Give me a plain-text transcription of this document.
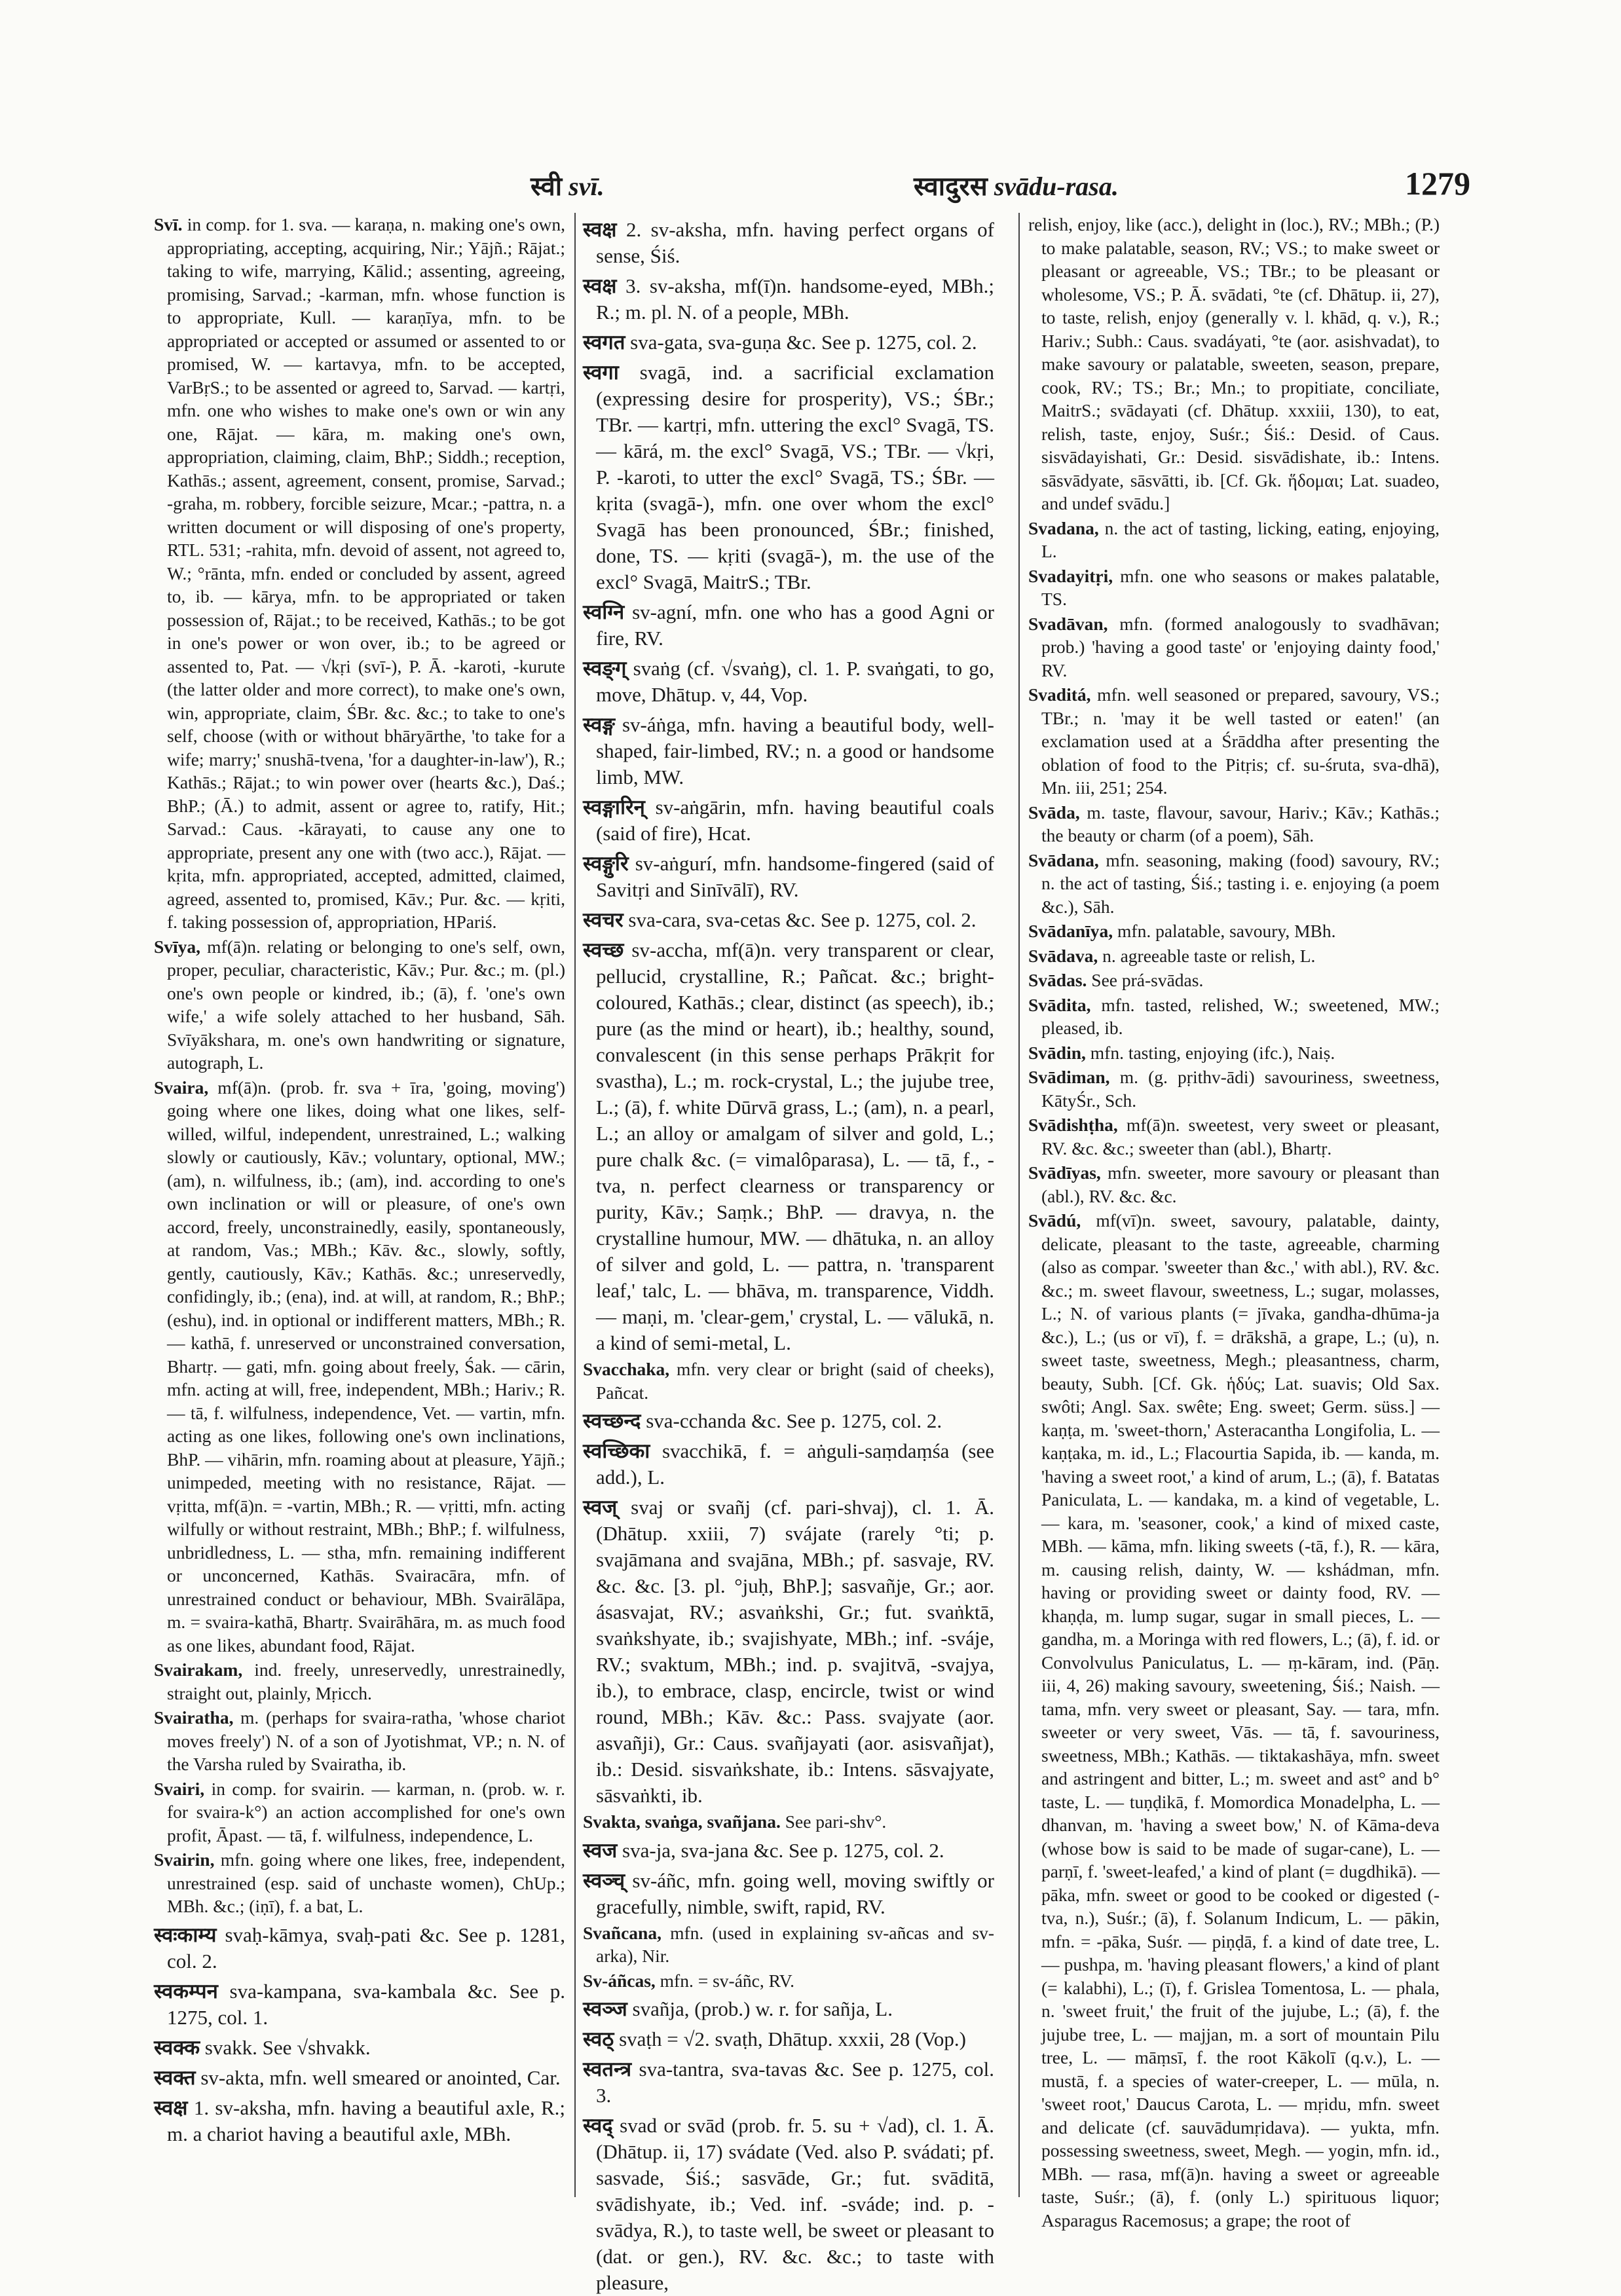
स्वी svī.	स्वादुरस svādu-rasa.	1279

Svī. in comp. for 1. sva. — karaṇa, n. making one's own, appropriating, accepting, acquiring, Nir.; Yājñ.; Rājat.; taking to wife, marrying, Kālid.; assenting, agreeing, promising, Sarvad.; -karman, mfn. whose function is to appropriate, Kull. — karaṇīya, mfn. to be appropriated or accepted or assumed or assented to or promised, W. — kartavya, mfn. to be accepted, VarBṛS.; to be assented or agreed to, Sarvad. — kartṛi, mfn. one who wishes to make one's own or win any one, Rājat. — kāra, m. making one's own, appropriation, claiming, claim, BhP.; Siddh.; reception, Kathās.; assent, agreement, consent, promise, Sarvad.; -graha, m. robbery, forcible seizure, Mcar.; -pattra, n. a written document or will disposing of one's property, RTL. 531; -rahita, mfn. devoid of assent, not agreed to, W.; °rānta, mfn. ended or concluded by assent, agreed to, ib. — kārya, mfn. to be appropriated or taken possession of, Rājat.; to be received, Kathās.; to be got in one's power or won over, ib.; to be agreed or assented to, Pat. — √kṛi (svī-), P. Ā. -karoti, -kurute (the latter older and more correct), to make one's own, win, appropriate, claim, ŚBr. &c. &c.; to take to one's self, choose (with or without bhāryārthe, 'to take for a wife; marry;' snushā-tvena, 'for a daughter-in-law'), R.; Kathās.; Rājat.; to win power over (hearts &c.), Daś.; BhP.; (Ā.) to admit, assent or agree to, ratify, Hit.; Sarvad.: Caus. -kārayati, to cause any one to appropriate, present any one with (two acc.), Rājat. — kṛita, mfn. appropriated, accepted, admitted, claimed, agreed, assented to, promised, Kāv.; Pur. &c. — kṛiti, f. taking possession of, appropriation, HPariś.

Svīya, mf(ā)n. relating or belonging to one's self, own, proper, peculiar, characteristic, Kāv.; Pur. &c.; m. (pl.) one's own people or kindred, ib.; (ā), f. 'one's own wife,' a wife solely attached to her husband, Sāh. Svīyākshara, m. one's own handwriting or signature, autograph, L.

Svaira, mf(ā)n. (prob. fr. sva + īra, 'going, moving') going where one likes, doing what one likes, self-willed, wilful, independent, unrestrained, L.; walking slowly or cautiously, Kāv.; voluntary, optional, MW.; (am), n. wilfulness, ib.; (am), ind. according to one's own inclination or will or pleasure, of one's own accord, freely, unconstrainedly, easily, spontaneously, at random, Vas.; MBh.; Kāv. &c., slowly, softly, gently, cautiously, Kāv.; Kathās. &c.; unreservedly, confidingly, ib.; (ena), ind. at will, at random, R.; BhP.; (eshu), ind. in optional or indifferent matters, MBh.; R. — kathā, f. unreserved or unconstrained conversation, Bhartṛ. — gati, mfn. going about freely, Śak. — cārin, mfn. acting at will, free, independent, MBh.; Hariv.; R. — tā, f. wilfulness, independence, Vet. — vartin, mfn. acting as one likes, following one's own inclinations, BhP. — vihārin, mfn. roaming about at pleasure, Yājñ.; unimpeded, meeting with no resistance, Rājat. — vṛitta, mf(ā)n. = -vartin, MBh.; R. — vṛitti, mfn. acting wilfully or without restraint, MBh.; BhP.; f. wilfulness, unbridledness, L. — stha, mfn. remaining indifferent or unconcerned, Kathās. Svairacāra, mfn. of unrestrained conduct or behaviour, MBh. Svairālāpa, m. = svaira-kathā, Bhartṛ. Svairāhāra, m. as much food as one likes, abundant food, Rājat.

Svairakam, ind. freely, unreservedly, unrestrainedly, straight out, plainly, Mṛicch.

Svairatha, m. (perhaps for svaira-ratha, 'whose chariot moves freely') N. of a son of Jyotishmat, VP.; n. N. of the Varsha ruled by Svairatha, ib.

Svairi, in comp. for svairin. — karman, n. (prob. w. r. for svaira-k°) an action accomplished for one's own profit, Āpast. — tā, f. wilfulness, independence, L.

Svairin, mfn. going where one likes, free, independent, unrestrained (esp. said of unchaste women), ChUp.; MBh. &c.; (iṇī), f. a bat, L.

स्वःकाम्य svaḥ-kāmya, svaḥ-pati &c. See p. 1281, col. 2.

स्वकम्पन sva-kampana, sva-kambala &c. See p. 1275, col. 1.

स्वक्क svakk. See √shvakk.

स्वक्त sv-akta, mfn. well smeared or anointed, Car.

स्वक्ष 1. sv-aksha, mfn. having a beautiful axle, R.; m. a chariot having a beautiful axle, MBh.

स्वक्ष 2. sv-aksha, mfn. having perfect organs of sense, Śiś.

स्वक्ष 3. sv-aksha, mf(ī)n. handsome-eyed, MBh.; R.; m. pl. N. of a people, MBh.

स्वगत sva-gata, sva-guṇa &c. See p. 1275, col. 2.

स्वगा svagā, ind. a sacrificial exclamation (expressing desire for prosperity), VS.; ŚBr.; TBr. — kartṛi, mfn. uttering the excl° Svagā, TS. — kārá, m. the excl° Svagā, VS.; TBr. — √kṛi, P. -karoti, to utter the excl° Svagā, TS.; ŚBr. — kṛita (svagā-), mfn. one over whom the excl° Svagā has been pronounced, ŚBr.; finished, done, TS. — kṛiti (svagā-), m. the use of the excl° Svagā, MaitrS.; TBr.

स्वग्नि sv-agní, mfn. one who has a good Agni or fire, RV.

स्वङ्ग् svaṅg (cf. √svaṅg), cl. 1. P. svaṅgati, to go, move, Dhātup. v, 44, Vop.

स्वङ्ग sv-áṅga, mfn. having a beautiful body, well-shaped, fair-limbed, RV.; n. a good or handsome limb, MW.

स्वङ्गारिन् sv-aṅgārin, mfn. having beautiful coals (said of fire), Hcat.

स्वङ्गुरि sv-aṅgurí, mfn. handsome-fingered (said of Savitṛi and Sinīvālī), RV.

स्वचर sva-cara, sva-cetas &c. See p. 1275, col. 2.

स्वच्छ sv-accha, mf(ā)n. very transparent or clear, pellucid, crystalline, R.; Pañcat. &c.; bright-coloured, Kathās.; clear, distinct (as speech), ib.; pure (as the mind or heart), ib.; healthy, sound, convalescent (in this sense perhaps Prākṛit for svastha), L.; m. rock-crystal, L.; the jujube tree, L.; (ā), f. white Dūrvā grass, L.; (am), n. a pearl, L.; an alloy or amalgam of silver and gold, L.; pure chalk &c. (= vimalôparasa), L. — tā, f., -tva, n. perfect clearness or transparency or purity, Kāv.; Saṃk.; BhP. — dravya, n. the crystalline humour, MW. — dhātuka, n. an alloy of silver and gold, L. — pattra, n. 'transparent leaf,' talc, L. — bhāva, m. transparence, Viddh. — maṇi, m. 'clear-gem,' crystal, L. — vālukā, n. a kind of semi-metal, L.

Svacchaka, mfn. very clear or bright (said of cheeks), Pañcat.

स्वच्छन्द sva-cchanda &c. See p. 1275, col. 2.

स्वच्छिका svacchikā, f. = aṅguli-saṃdaṃśa (see add.), L.

स्वज् svaj or svañj (cf. pari-shvaj), cl. 1. Ā. (Dhātup. xxiii, 7) svájate (rarely °ti; p. svajāmana and svajāna, MBh.; pf. sasvaje, RV. &c. &c. [3. pl. °juḥ, BhP.]; sasvañje, Gr.; aor. ásasvajat, RV.; asvaṅkshi, Gr.; fut. svaṅktā, svaṅkshyate, ib.; svajishyate, MBh.; inf. -sváje, RV.; svaktum, MBh.; ind. p. svajitvā, -svajya, ib.), to embrace, clasp, encircle, twist or wind round, MBh.; Kāv. &c.: Pass. svajyate (aor. asvañji), Gr.: Caus. svañjayati (aor. asisvañjat), ib.: Desid. sisvaṅkshate, ib.: Intens. sāsvajyate, sāsvaṅkti, ib.

Svakta, svaṅga, svañjana. See pari-shv°.

स्वज sva-ja, sva-jana &c. See p. 1275, col. 2.

स्वञ्च् sv-áñc, mfn. going well, moving swiftly or gracefully, nimble, swift, rapid, RV.

Svañcana, mfn. (used in explaining sv-añcas and sv-arka), Nir.

Sv-áñcas, mfn. = sv-áñc, RV.

स्वञ्ज svañja, (prob.) w. r. for sañja, L.

स्वठ् svaṭh = √2. svaṭh, Dhātup. xxxii, 28 (Vop.)

स्वतन्त्र sva-tantra, sva-tavas &c. See p. 1275, col. 3.

स्वद् svad or svād (prob. fr. 5. su + √ad), cl. 1. Ā. (Dhātup. ii, 17) svádate (Ved. also P. svádati; pf. sasvade, Śiś.; sasvāde, Gr.; fut. svāditā, svādishyate, ib.; Ved. inf. -sváde; ind. p. -svādya, R.), to taste well, be sweet or pleasant to (dat. or gen.), RV. &c. &c.; to taste with pleasure,

relish, enjoy, like (acc.), delight in (loc.), RV.; MBh.; (P.) to make palatable, season, RV.; VS.; to make sweet or pleasant or agreeable, VS.; TBr.; to be pleasant or wholesome, VS.; P. Ā. svādati, °te (cf. Dhātup. ii, 27), to taste, relish, enjoy (generally v. l. khād, q. v.), R.; Hariv.; Subh.: Caus. svadáyati, °te (aor. asishvadat), to make savoury or palatable, sweeten, season, prepare, cook, RV.; TS.; Br.; Mn.; to propitiate, conciliate, MaitrS.; svādayati (cf. Dhātup. xxxiii, 130), to eat, relish, taste, enjoy, Suśr.; Śiś.: Desid. of Caus. sisvādayishati, Gr.: Desid. sisvādishate, ib.: Intens. sāsvādyate, sāsvātti, ib. [Cf. Gk. ἥδομαι; Lat. suadeo, and undef svādu.]

Svadana, n. the act of tasting, licking, eating, enjoying, L.

Svadayitṛi, mfn. one who seasons or makes palatable, TS.

Svadāvan, mfn. (formed analogously to svadhāvan; prob.) 'having a good taste' or 'enjoying dainty food,' RV.

Svaditá, mfn. well seasoned or prepared, savoury, VS.; TBr.; n. 'may it be well tasted or eaten!' (an exclamation used at a Śrāddha after presenting the oblation of food to the Pitṛis; cf. su-śruta, sva-dhā), Mn. iii, 251; 254.

Svāda, m. taste, flavour, savour, Hariv.; Kāv.; Kathās.; the beauty or charm (of a poem), Sāh.

Svādana, mfn. seasoning, making (food) savoury, RV.; n. the act of tasting, Śiś.; tasting i. e. enjoying (a poem &c.), Sāh.

Svādanīya, mfn. palatable, savoury, MBh.

Svādava, n. agreeable taste or relish, L.

Svādas. See prá-svādas.

Svādita, mfn. tasted, relished, W.; sweetened, MW.; pleased, ib.

Svādin, mfn. tasting, enjoying (ifc.), Naiṣ.

Svādiman, m. (g. pṛithv-ādi) savouriness, sweetness, KātyŚr., Sch.

Svādishṭha, mf(ā)n. sweetest, very sweet or pleasant, RV. &c. &c.; sweeter than (abl.), Bhartṛ.

Svādīyas, mfn. sweeter, more savoury or pleasant than (abl.), RV. &c. &c.

Svādú, mf(vī)n. sweet, savoury, palatable, dainty, delicate, pleasant to the taste, agreeable, charming (also as compar. 'sweeter than &c.,' with abl.), RV. &c. &c.; m. sweet flavour, sweetness, L.; sugar, molasses, L.; N. of various plants (= jīvaka, gandha-dhūma-ja &c.), L.; (us or vī), f. = drākshā, a grape, L.; (u), n. sweet taste, sweetness, Megh.; pleasantness, charm, beauty, Subh. [Cf. Gk. ἡδύς; Lat. suavis; Old Sax. swôti; Angl. Sax. swête; Eng. sweet; Germ. süss.] — kaṇṭa, m. 'sweet-thorn,' Asteracantha Longifolia, L. — kaṇṭaka, m. id., L.; Flacourtia Sapida, ib. — kanda, m. 'having a sweet root,' a kind of arum, L.; (ā), f. Batatas Paniculata, L. — kandaka, m. a kind of vegetable, L. — kara, m. 'seasoner, cook,' a kind of mixed caste, MBh. — kāma, mfn. liking sweets (-tā, f.), R. — kāra, m. causing relish, dainty, W. — kshádman, mfn. having or providing sweet or dainty food, RV. — khaṇḍa, m. lump sugar, sugar in small pieces, L. — gandha, m. a Moringa with red flowers, L.; (ā), f. id. or Convolvulus Paniculatus, L. — ṃ-kāram, ind. (Pāṇ. iii, 4, 26) making savoury, sweetening, Śiś.; Naish. — tama, mfn. very sweet or pleasant, Say. — tara, mfn. sweeter or very sweet, Vās. — tā, f. savouriness, sweetness, MBh.; Kathās. — tiktakashāya, mfn. sweet and astringent and bitter, L.; m. sweet and ast° and b° taste, L. — tuṇḍikā, f. Momordica Monadelpha, L. — dhanvan, m. 'having a sweet bow,' N. of Kāma-deva (whose bow is said to be made of sugar-cane), L. — parṇī, f. 'sweet-leafed,' a kind of plant (= dugdhikā). — pāka, mfn. sweet or good to be cooked or digested (-tva, n.), Suśr.; (ā), f. Solanum Indicum, L. — pākin, mfn. = -pāka, Suśr. — piṇḍā, f. a kind of date tree, L. — pushpa, m. 'having pleasant flowers,' a kind of plant (= kalabhi), L.; (ī), f. Grislea Tomentosa, L. — phala, n. 'sweet fruit,' the fruit of the jujube, L.; (ā), f. the jujube tree, L. — majjan, m. a sort of mountain Pilu tree, L. — māṃsī, f. the root Kākolī (q.v.), L. — mustā, f. a species of water-creeper, L. — mūla, n. 'sweet root,' Daucus Carota, L. — mṛidu, mfn. sweet and delicate (cf. sauvādumṛidava). — yukta, mfn. possessing sweetness, sweet, Megh. — yogin, mfn. id., MBh. — rasa, mf(ā)n. having a sweet or agreeable taste, Suśr.; (ā), f. (only L.) spirituous liquor; Asparagus Racemosus; a grape; the root of
